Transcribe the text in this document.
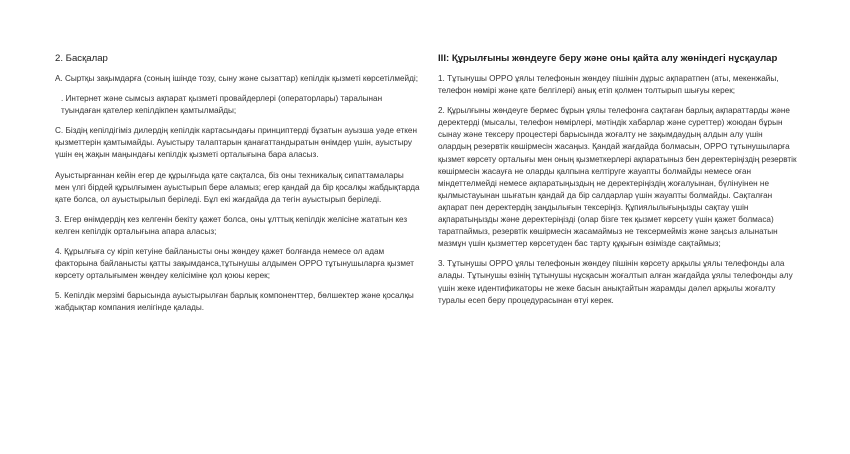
2. Басқалар

А. Сыртқы зақымдарға (соның ішінде тозу, сыну және сызаттар) кепілдік қызметі көрсетілмейді;

. Интернет және сымсыз ақпарат қызметі провайдерлері (операторлары) таралынан туындаған қателер кепілдікпен қамтылмайды;

С. Біздің кепілдігіміз дилердің кепілдік картасындағы принциптерді бұзатын ауызша уәде еткен қызметтерін қамтымайды. Ауыстыру талаптарын қанағаттандыратын өнімдер үшін, ауыстыру үшін ең жақын маңындағы кепілдік қызметі орталығына бара аласыз.

Ауыстырғаннан кейін егер де құрылғыда қате сақталса, біз оны техникалық сипаттамалары мен үлгі бірдей құрылғымен ауыстырып бере аламыз; егер қандай да бір қосалқы жабдықтарда қате болса, ол ауыстырылып беріледі. Бұл екі жағдайда да тегін ауыстырып беріледі.

3. Егер өнімдердің кез келгенін бекіту қажет болса, оны ұлттық кепілдік желісіне жататын кез келген кепілдік орталығына апара аласыз;

4. Құрылғыға су кіріп кетуіне байланысты оны жөндеу қажет болғанда немесе ол адам факторына байланысты қатты зақымданса,тұтынушы алдымен OPPO тұтынушыларға қызмет көрсету орталығымен жөндеу келісіміне қол қоюы керек;

5. Кепілдік мерзімі барысында ауыстырылған барлық компоненттер, бөлшектер және қосалқы жабдықтар компания иелігінде қалады.

III: Құрылғыны жөндеуге беру және оны қайта алу жөніндегі нұсқаулар

1. Тұтынушы OPPO ұялы телефонын жөндеу пішінін дұрыс ақпаратпен (аты, мекенжайы, телефон нөмірі және қате белгілері) анық етіп қолмен толтырып шығуы керек;

2. Құрылғыны жөндеуге бермес бұрын ұялы телефонға сақтаған барлық ақпараттарды және деректерді (мысалы, телефон нөмірлері, мәтіндік хабарлар және суреттер) жоюдан бұрын сынау және тексеру процестері барысында жоғалту не зақымдаудың алдын алу үшін олардың резервтік көшірмесін жасаңыз. Қандай жағдайда болмасын, OPPO тұтынушыларға қызмет көрсету орталығы мен оның қызметкерлері ақпаратыныз бен деректеріңіздің резервтік көшірмесін жасауға не оларды қалпына келтіруге жауапты болмайды немесе оған міндеттелмейді немесе ақпаратыңыздың не деректеріңіздің жоғалуынан, бүлінуінен не қылмыстауынан шығатын қандай да бір салдарлар үшін жауапты болмайды. Сақталған ақпарат пен деректердің заңдылығын тексеріңіз. Құпиялылығыңызды сақтау үшін ақпаратыңызды және деректеріңізді (олар бізге тек қызмет көрсету үшін қажет болмаса) таратпаймыз, резервтік көшірмесін жасамаймыз не тексермейміз және заңсыз алынатын мазмұн үшін қызметтер көрсетуден бас тарту құқығын өзімізде сақтаймыз;

3. Тұтынушы OPPO ұялы телефонын жөндеу пішінін көрсету арқылы ұялы телефонды ала алады. Тұтынушы өзінің тұтынушы нұсқасын жоғалтып алған жағдайда ұялы телефонды алу үшін жеке идентификаторы не жеке басын анықтайтын жарамды дәлел арқылы жоғалту туралы есеп беру процедурасынан өтуі керек.
